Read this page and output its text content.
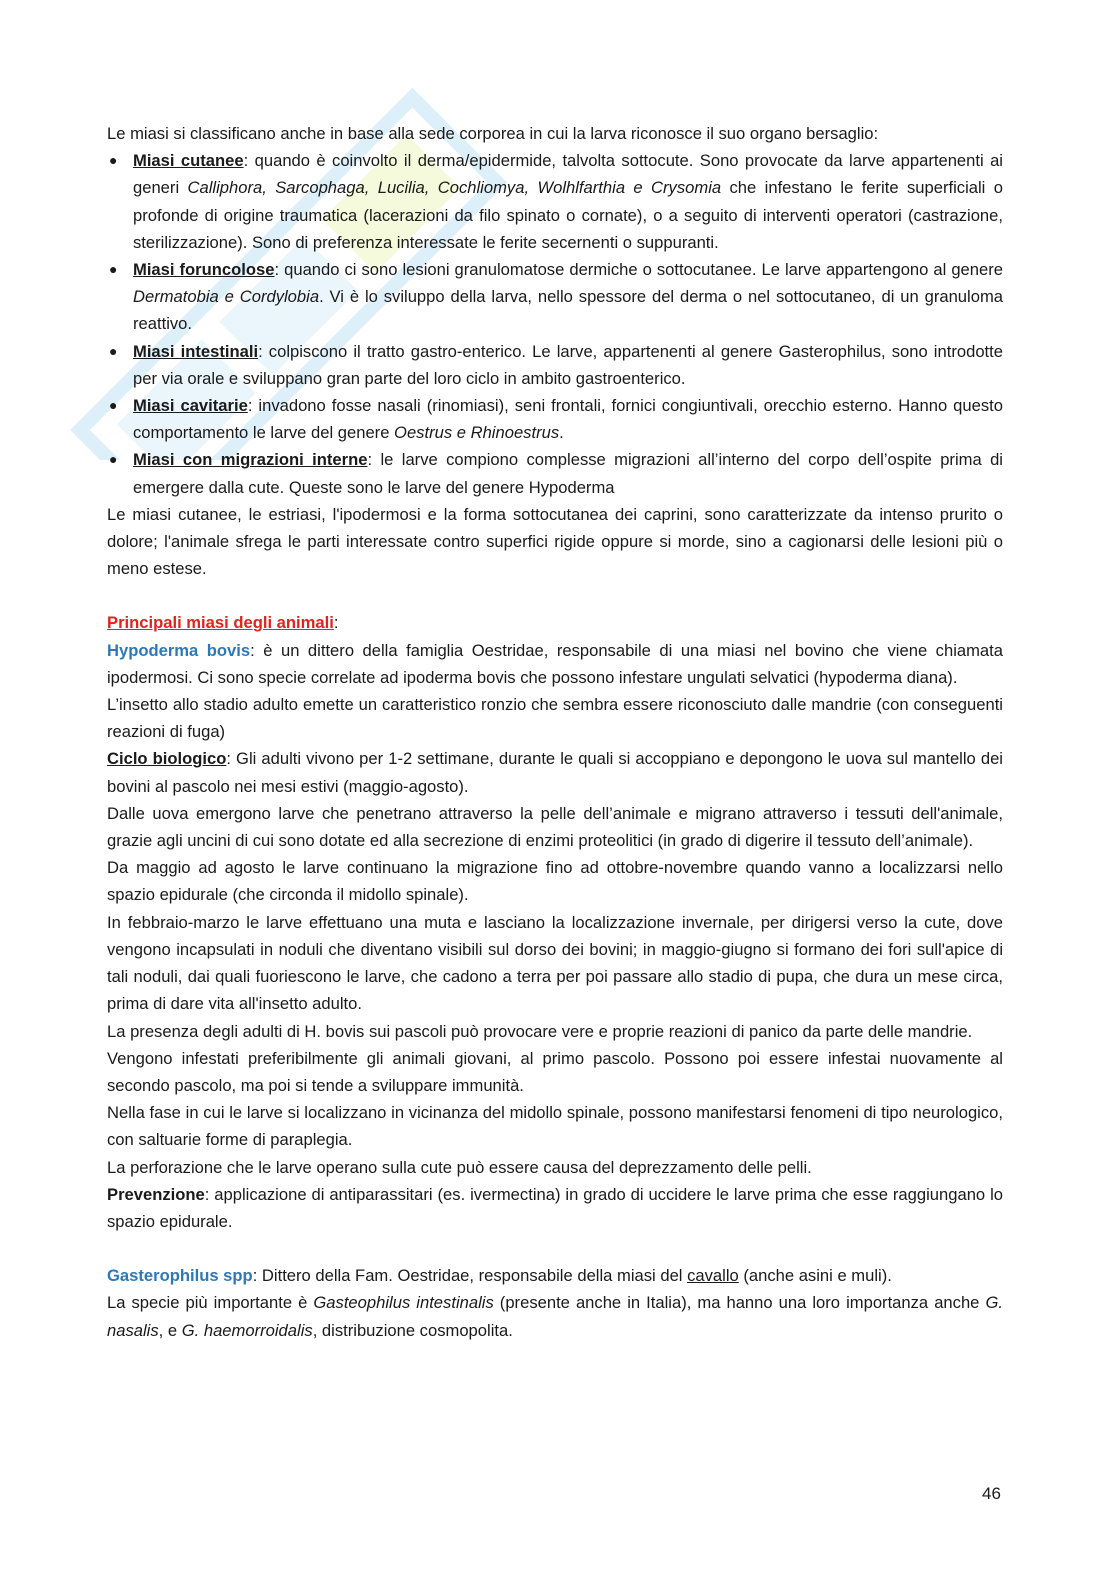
Le miasi si classificano anche in base alla sede corporea in cui la larva riconosce il suo organo bersaglio:

● Miasi cutanee: quando è coinvolto il derma/epidermide, talvolta sottocute. Sono provocate da larve appartenenti ai generi Calliphora, Sarcophaga, Lucilia, Cochliomya, Wolhlfarthia e Crysomia che infestano le ferite superficiali o profonde di origine traumatica (lacerazioni da filo spinato o cornate), o a seguito di interventi operatori (castrazione, sterilizzazione). Sono di preferenza interessate le ferite secernenti o suppuranti.
● Miasi foruncolose: quando ci sono lesioni granulomatose dermiche o sottocutanee. Le larve appartengono al genere Dermatobia e Cordylobia. Vi è lo sviluppo della larva, nello spessore del derma o nel sottocutaneo, di un granuloma reattivo.
● Miasi intestinali: colpiscono il tratto gastro-enterico. Le larve, appartenenti al genere Gasterophilus, sono introdotte per via orale e sviluppano gran parte del loro ciclo in ambito gastroenterico.
● Miasi cavitarie: invadono fosse nasali (rinomiasi), seni frontali, fornici congiuntivali, orecchio esterno. Hanno questo comportamento le larve del genere Oestrus e Rhinoestrus.
● Miasi con migrazioni interne: le larve compiono complesse migrazioni all’interno del corpo dell’ospite prima di emergere dalla cute. Queste sono le larve del genere Hypoderma

Le miasi cutanee, le estriasi, l'ipodermosi e la forma sottocutanea dei caprini, sono caratterizzate da intenso prurito o dolore; l'animale sfrega le parti interessate contro superfici rigide oppure si morde, sino a cagionarsi delle lesioni più o meno estese.

Principali miasi degli animali:

Hypoderma bovis: è un dittero della famiglia Oestridae, responsabile di una miasi nel bovino che viene chiamata ipodermosi. Ci sono specie correlate ad ipoderma bovis che possono infestare ungulati selvatici (hypoderma diana).

L’insetto allo stadio adulto emette un caratteristico ronzio che sembra essere riconosciuto dalle mandrie (con conseguenti reazioni di fuga)

Ciclo biologico: Gli adulti vivono per 1-2 settimane, durante le quali si accoppiano e depongono le uova sul mantello dei bovini al pascolo nei mesi estivi (maggio-agosto).

Dalle uova emergono larve che penetrano attraverso la pelle dell’animale e migrano attraverso i tessuti dell'animale, grazie agli uncini di cui sono dotate ed alla secrezione di enzimi proteolitici (in grado di digerire il tessuto dell’animale).

Da maggio ad agosto le larve continuano la migrazione fino ad ottobre-novembre quando vanno a localizzarsi nello spazio epidurale (che circonda il midollo spinale).

In febbraio-marzo le larve effettuano una muta e lasciano la localizzazione invernale, per dirigersi verso la cute, dove vengono incapsulati in noduli che diventano visibili sul dorso dei bovini; in maggio-giugno si formano dei fori sull'apice di tali noduli, dai quali fuoriescono le larve, che cadono a terra per poi passare allo stadio di pupa, che dura un mese circa, prima di dare vita all'insetto adulto.

La presenza degli adulti di H. bovis sui pascoli può provocare vere e proprie reazioni di panico da parte delle mandrie.

Vengono infestati preferibilmente gli animali giovani, al primo pascolo. Possono poi essere infestai nuovamente al secondo pascolo, ma poi si tende a sviluppare immunità.

Nella fase in cui le larve si localizzano in vicinanza del midollo spinale, possono manifestarsi fenomeni di tipo neurologico, con saltuarie forme di paraplegia.

La perforazione che le larve operano sulla cute può essere causa del deprezzamento delle pelli.

Prevenzione: applicazione di antiparassitari (es. ivermectina) in grado di uccidere le larve prima che esse raggiungano lo spazio epidurale.

Gasterophilus spp: Dittero della Fam. Oestridae, responsabile della miasi del cavallo (anche asini e muli).

La specie più importante è Gasteophilus intestinalis (presente anche in Italia), ma hanno una loro importanza anche G. nasalis, e G. haemorroidalis, distribuzione cosmopolita.

46
